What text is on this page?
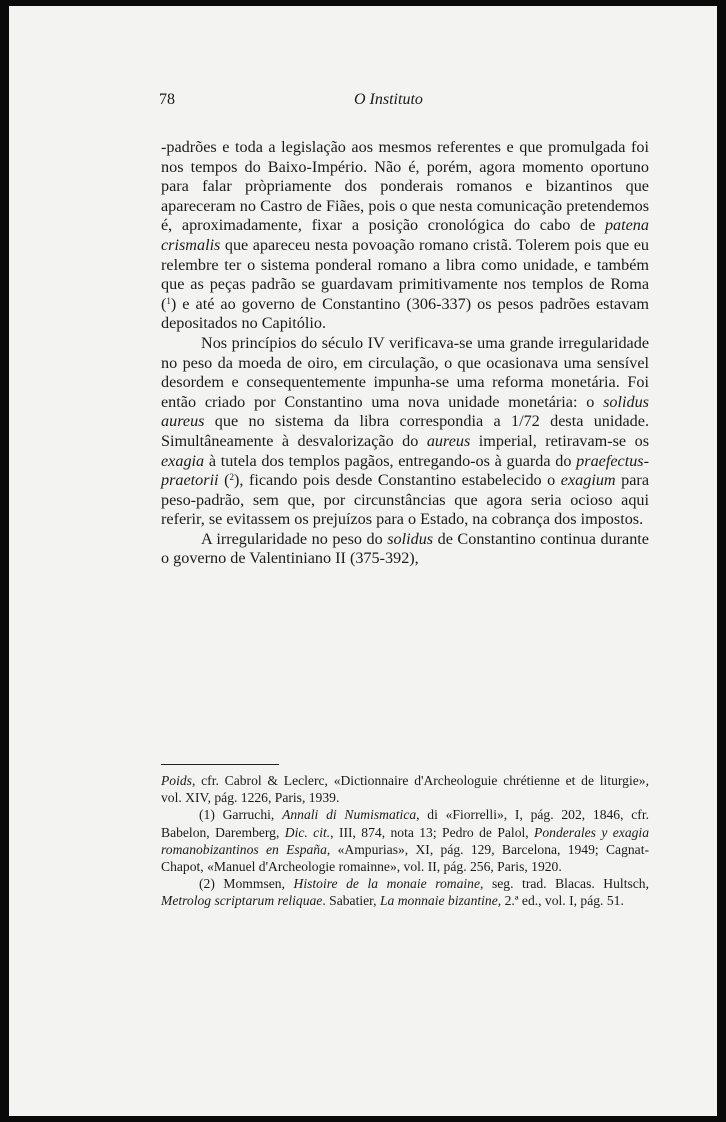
78	O Instituto

-padrões e toda a legislação aos mesmos referentes e que promulgada foi nos tempos do Baixo-Império. Não é, porém, agora momento oportuno para falar pròpriamente dos ponderais romanos e bizantinos que apareceram no Castro de Fiães, pois o que nesta comunicação pretendemos é, aproximadamente, fixar a posição cronológica do cabo de patena crismalis que apareceu nesta povoação romano cristã. Tolerem pois que eu relembre ter o sistema ponderal romano a libra como unidade, e também que as peças padrão se guardavam primitivamente nos templos de Roma ($^1$) e até ao governo de Constantino (306-337) os pesos padrões estavam depositados no Capitólio.

Nos princípios do século IV verificava-se uma grande irregularidade no peso da moeda de oiro, em circulação, o que ocasionava uma sensível desordem e consequentemente impunha-se uma reforma monetária. Foi então criado por Constantino uma nova unidade monetária: o solidus aureus que no sistema da libra correspondia a 1/72 desta unidade. Simultâneamente à desvalorização do aureus imperial, retiravam-se os exagia à tutela dos templos pagãos, entregando-os à guarda do praefectus-praetorii ($^2$), ficando pois desde Constantino estabelecido o exagium para peso-padrão, sem que, por circunstâncias que agora seria ocioso aqui referir, se evitassem os prejuízos para o Estado, na cobrança dos impostos.

A irregularidade no peso do solidus de Constantino continua durante o governo de Valentiniano II (375-392),

Poids, cfr. Cabrol & Leclerc, «Dictionnaire d'Archeologuie chrétienne et de liturgie», vol. XIV, pág. 1226, Paris, 1939.

(1) Garruchi, Annali di Numismatica, di «Fiorrelli», I, pág. 202, 1846, cfr. Babelon, Daremberg, Dic. cit., III, 874, nota 13; Pedro de Palol, Ponderales y exagia romanobizantinos en España, «Ampurias», XI, pág. 129, Barcelona, 1949; Cagnat-Chapot, «Manuel d'Archeologie romainne», vol. II, pág. 256, Paris, 1920.

(2) Mommsen, Histoire de la monaie romaine, seg. trad. Blacas. Hultsch, Metrolog scriptarum reliquae. Sabatier, La monnaie bizantine, 2.ª ed., vol. I, pág. 51.
